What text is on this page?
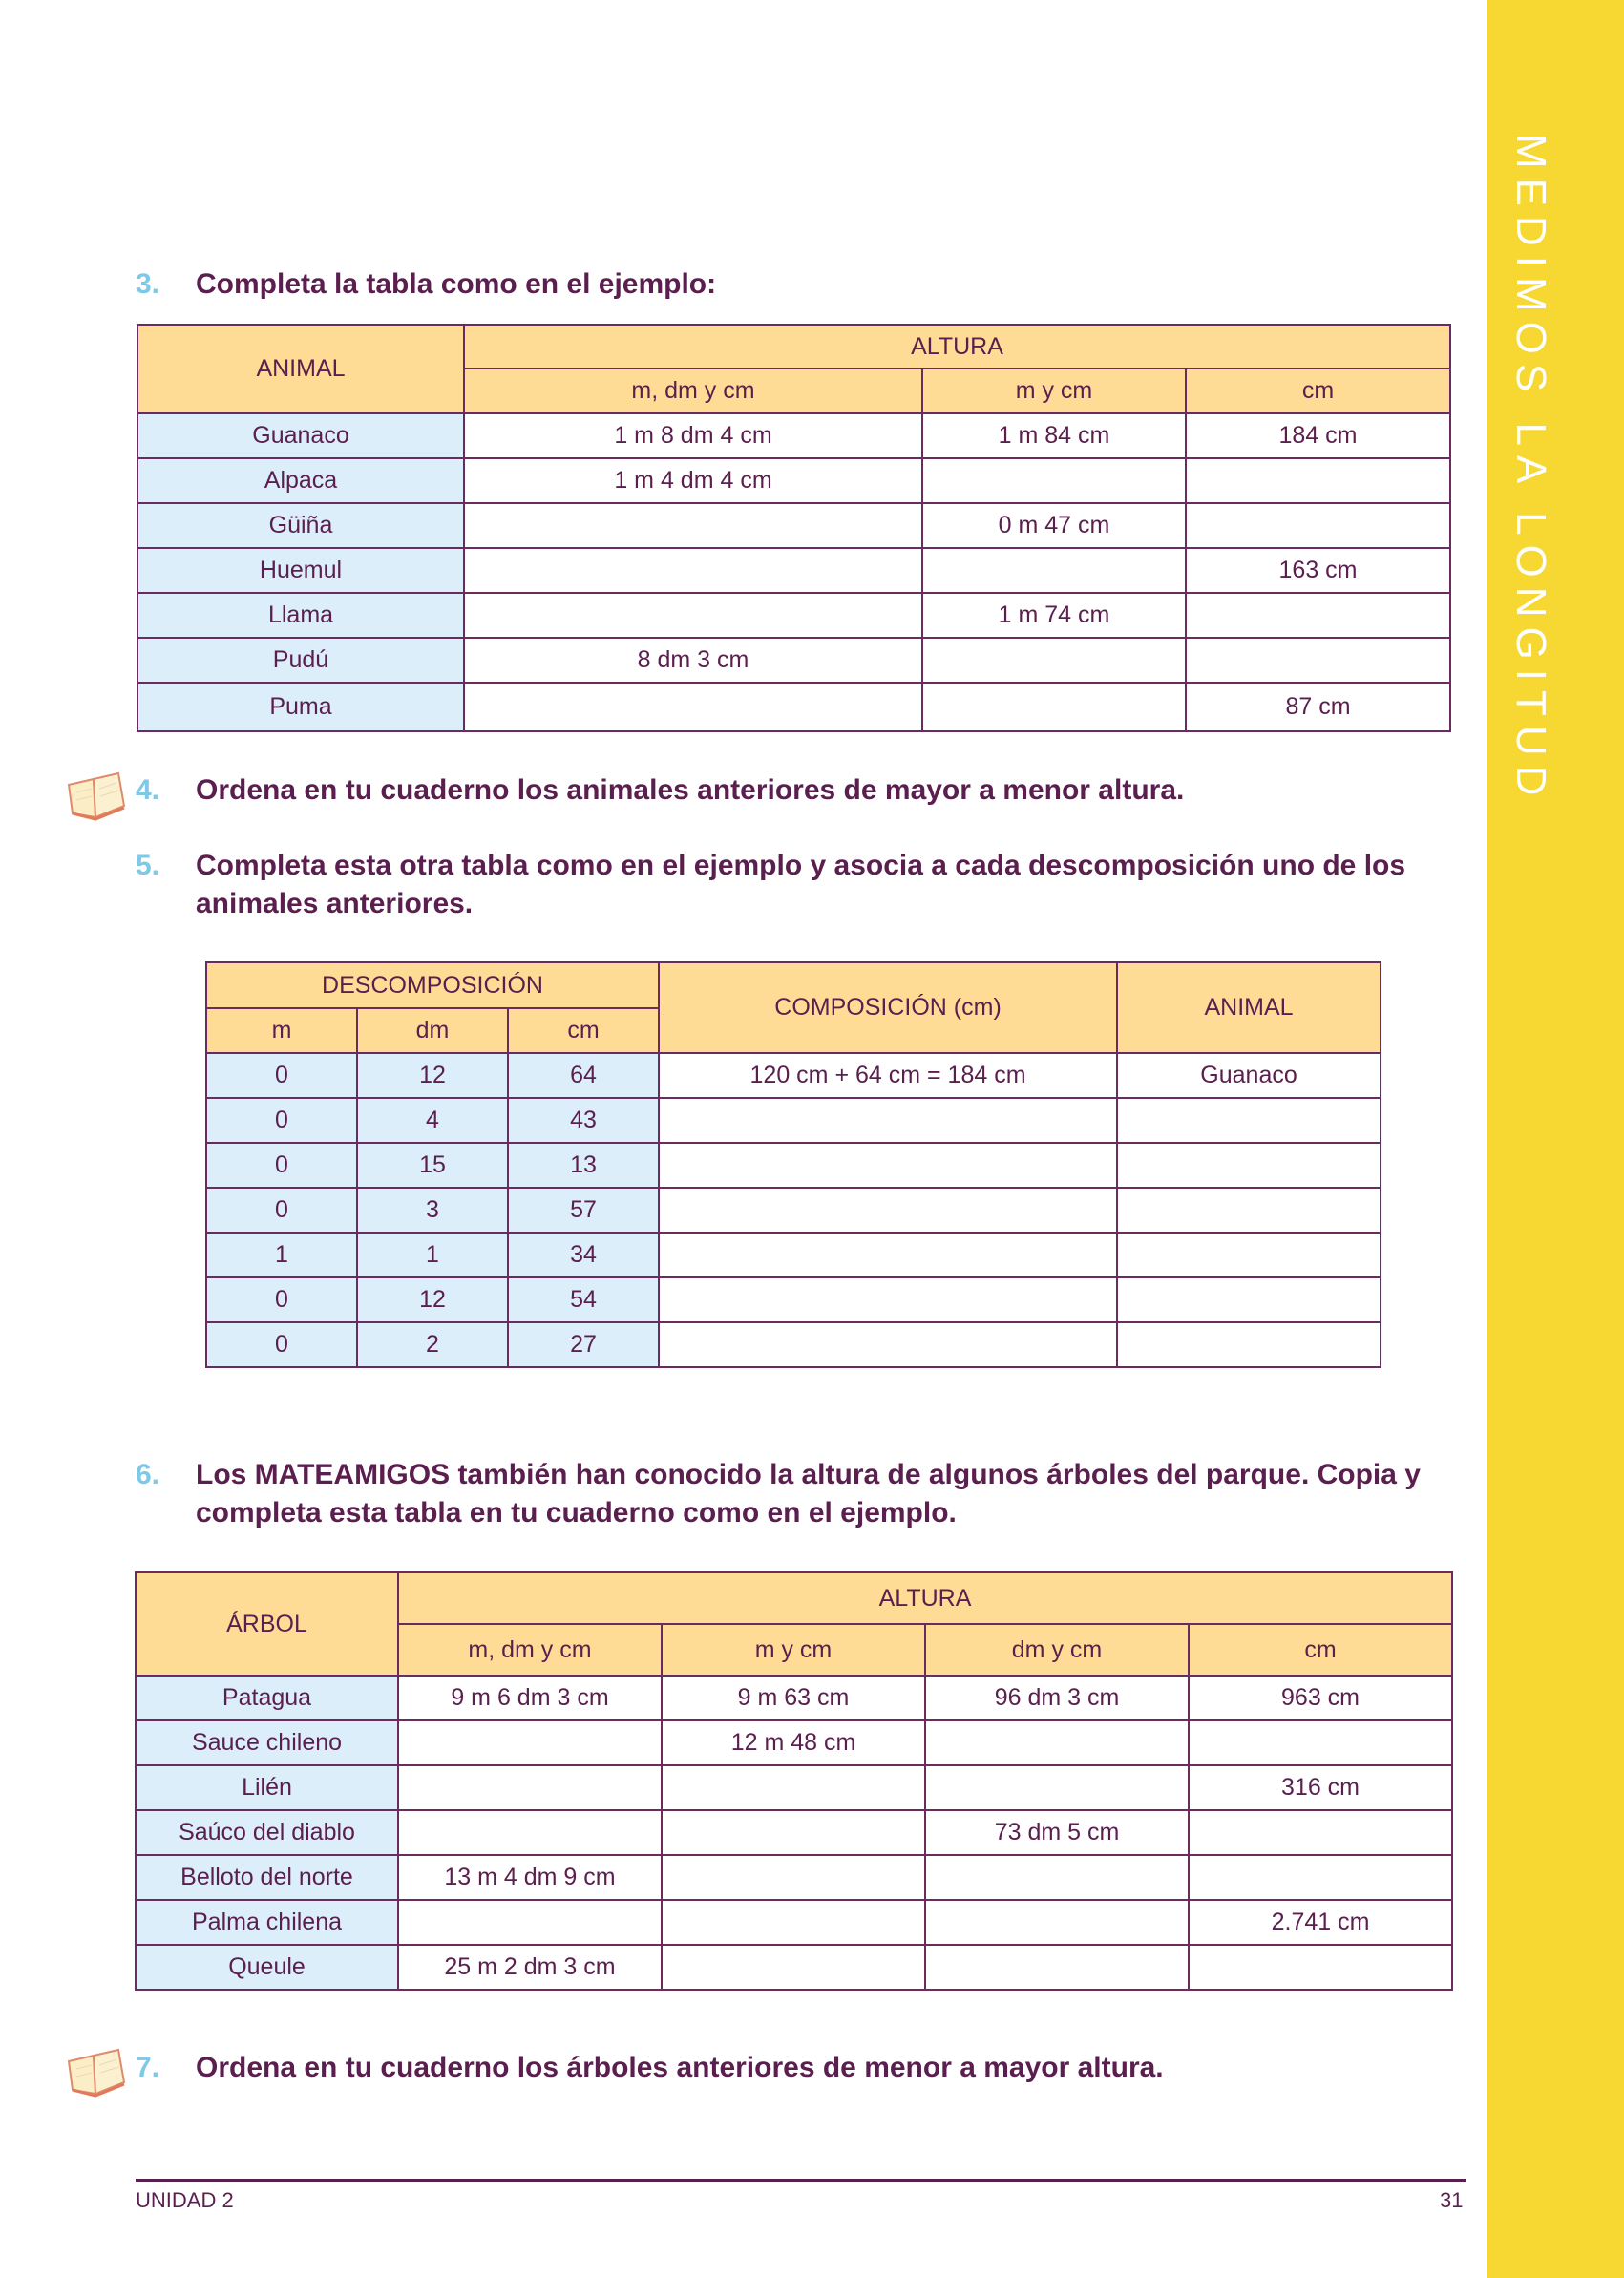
MEDIMOS LA LONGITUD
3. Completa la tabla como en el ejemplo:
ANIMAL	ALTURA		
	m, dm y cm	m y cm	cm
Guanaco	1 m 8 dm 4 cm	1 m 84 cm	184 cm
Alpaca	1 m 4 dm 4 cm		
Güiña		0 m 47 cm	
Huemul			163 cm
Llama		1 m 74 cm	
Pudú	8 dm 3 cm		
Puma			87 cm
4. Ordena en tu cuaderno los animales anteriores de mayor a menor altura.
5. Completa esta otra tabla como en el ejemplo y asocia a cada descomposición uno de los animales anteriores.
DESCOMPOSICIÓN			COMPOSICIÓN (cm)	ANIMAL
m	dm	cm		
0	12	64	120 cm + 64 cm = 184 cm	Guanaco
0	4	43		
0	15	13		
0	3	57		
1	1	34		
0	12	54		
0	2	27		
6. Los MATEAMIGOS también han conocido la altura de algunos árboles del parque. Copia y completa esta tabla en tu cuaderno como en el ejemplo.
ÁRBOL	ALTURA			
	m, dm y cm	m y cm	dm y cm	cm
Patagua	9 m 6 dm 3 cm	9 m 63 cm	96 dm 3 cm	963 cm
Sauce chileno		12 m 48 cm		
Lilén				316 cm
Saúco del diablo			73 dm 5 cm	
Belloto del norte	13 m 4 dm 9 cm			
Palma chilena				2.741 cm
Queule	25 m 2 dm 3 cm			
7. Ordena en tu cuaderno los árboles anteriores de menor a mayor altura.
UNIDAD 2	31
